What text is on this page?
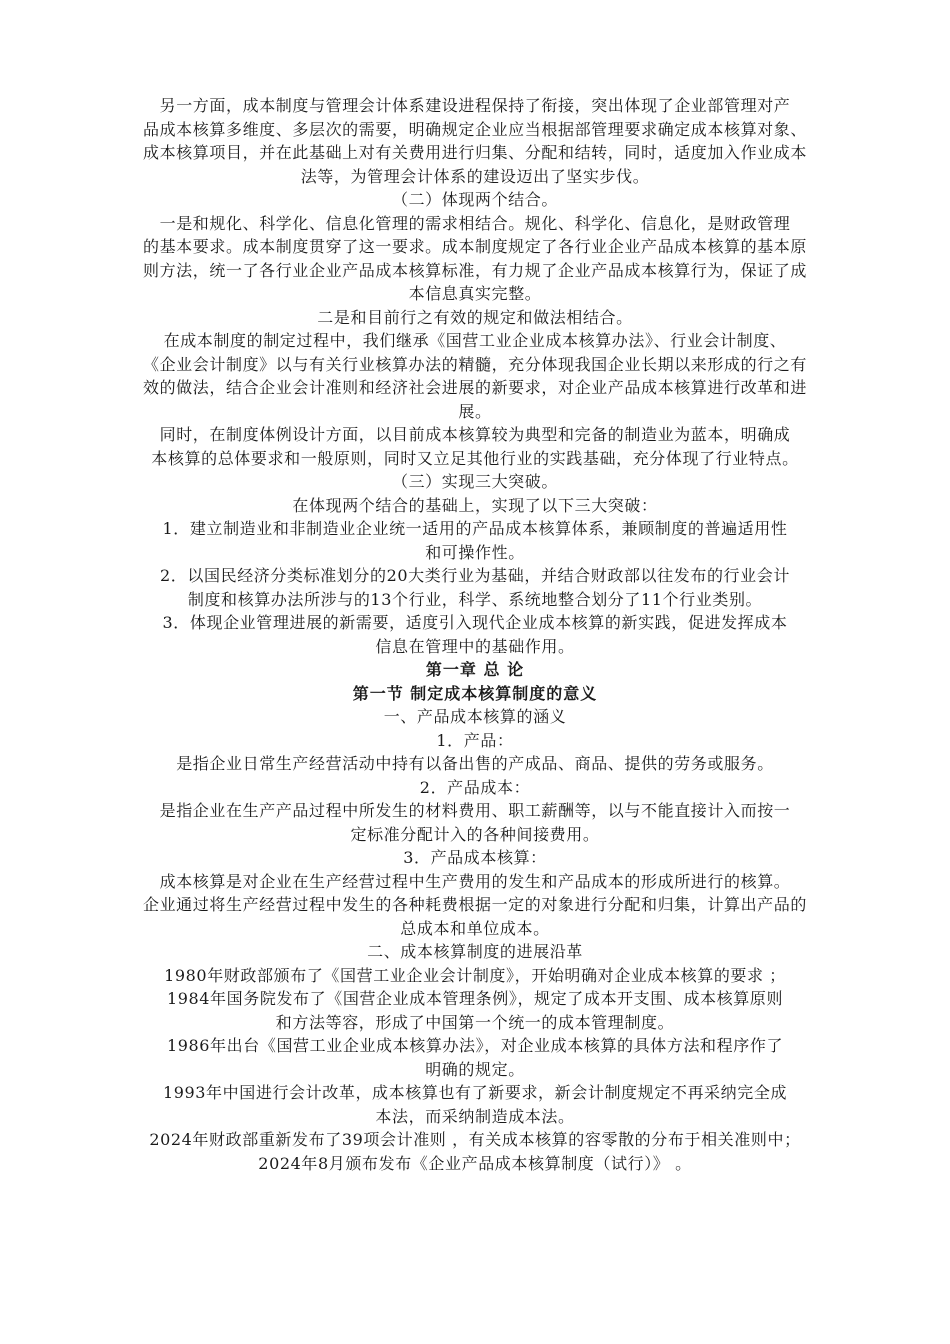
另一方面，成本制度与管理会计体系建设进程保持了衔接，突出体现了企业部管理对产
品成本核算多维度、多层次的需要，明确规定企业应当根据部管理要求确定成本核算对象、
成本核算项目，并在此基础上对有关费用进行归集、分配和结转，同时，适度加入作业成本
法等，为管理会计体系的建设迈出了坚实步伐。
（二）体现两个结合。
一是和规化、科学化、信息化管理的需求相结合。规化、科学化、信息化，是财政管理
的基本要求。成本制度贯穿了这一要求。成本制度规定了各行业企业产品成本核算的基本原
则方法，统一了各行业企业产品成本核算标准，有力规了企业产品成本核算行为，保证了成
本信息真实完整。
二是和目前行之有效的规定和做法相结合。
在成本制度的制定过程中，我们继承《国营工业企业成本核算办法》、行业会计制度、
《企业会计制度》以与有关行业核算办法的精髓，充分体现我国企业长期以来形成的行之有
效的做法，结合企业会计准则和经济社会进展的新要求，对企业产品成本核算进行改革和进
展。
同时，在制度体例设计方面，以目前成本核算较为典型和完备的制造业为蓝本，明确成
本核算的总体要求和一般原则，同时又立足其他行业的实践基础，充分体现了行业特点。
（三）实现三大突破。
在体现两个结合的基础上，实现了以下三大突破：
1．建立制造业和非制造业企业统一适用的产品成本核算体系，兼顾制度的普遍适用性
和可操作性。
2．以国民经济分类标准划分的20大类行业为基础，并结合财政部以往发布的行业会计
制度和核算办法所涉与的13个行业，科学、系统地整合划分了11个行业类别。
3．体现企业管理进展的新需要，适度引入现代企业成本核算的新实践，促进发挥成本
信息在管理中的基础作用。
第一章 总 论
第一节 制定成本核算制度的意义
一、产品成本核算的涵义
1．产品：
是指企业日常生产经营活动中持有以备出售的产成品、商品、提供的劳务或服务。
2．产品成本：
是指企业在生产产品过程中所发生的材料费用、职工薪酬等，以与不能直接计入而按一
定标准分配计入的各种间接费用。
3．产品成本核算：
成本核算是对企业在生产经营过程中生产费用的发生和产品成本的形成所进行的核算。
企业通过将生产经营过程中发生的各种耗费根据一定的对象进行分配和归集，计算出产品的
总成本和单位成本。
二、成本核算制度的进展沿革
1980年财政部颁布了《国营工业企业会计制度》，开始明确对企业成本核算的要求 ；
1984年国务院发布了《国营企业成本管理条例》，规定了成本开支围、成本核算原则
和方法等容，形成了中国第一个统一的成本管理制度。
1986年出台《国营工业企业成本核算办法》，对企业成本核算的具体方法和程序作了
明确的规定。
1993年中国进行会计改革，成本核算也有了新要求，新会计制度规定不再采纳完全成
本法，而采纳制造成本法。
2024年财政部重新发布了39项会计准则 ，有关成本核算的容零散的分布于相关准则中；
2024年8月颁布发布《企业产品成本核算制度（试行）》 。
